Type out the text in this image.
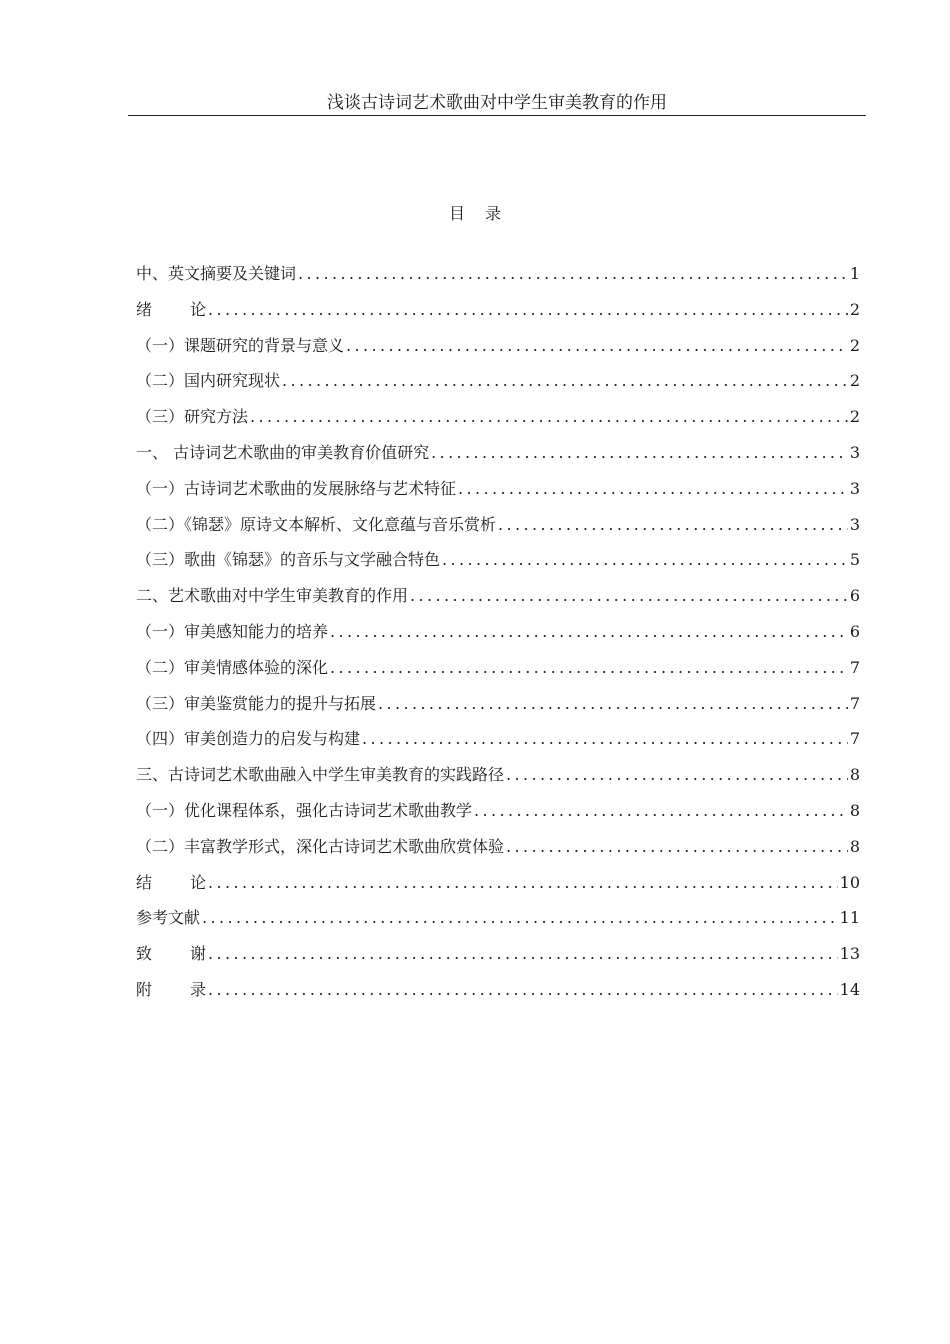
浅谈古诗词艺术歌曲对中学生审美教育的作用
目录
中、英文摘要及关键词 .....	1
绪论 .....	2
（一）课题研究的背景与意义 .....	2
（二）国内研究现状 .....	2
（三）研究方法 .....	2
一、 古诗词艺术歌曲的审美教育价值研究 .....	3
（一）古诗词艺术歌曲的发展脉络与艺术特征 .....	3
（二）《锦瑟》原诗文本解析、文化意蕴与音乐赏析 .....	3
（三）歌曲《锦瑟》的音乐与文学融合特色 .....	5
二、艺术歌曲对中学生审美教育的作用 .....	6
（一）审美感知能力的培养 .....	6
（二）审美情感体验的深化 .....	7
（三）审美鉴赏能力的提升与拓展 .....	7
（四）审美创造力的启发与构建 .....	7
三、古诗词艺术歌曲融入中学生审美教育的实践路径 .....	8
（一）优化课程体系，强化古诗词艺术歌曲教学 .....	8
（二）丰富教学形式，深化古诗词艺术歌曲欣赏体验 .....	8
结论 .....	10
参考文献 .....	11
致谢 .....	13
附录 .....	14
